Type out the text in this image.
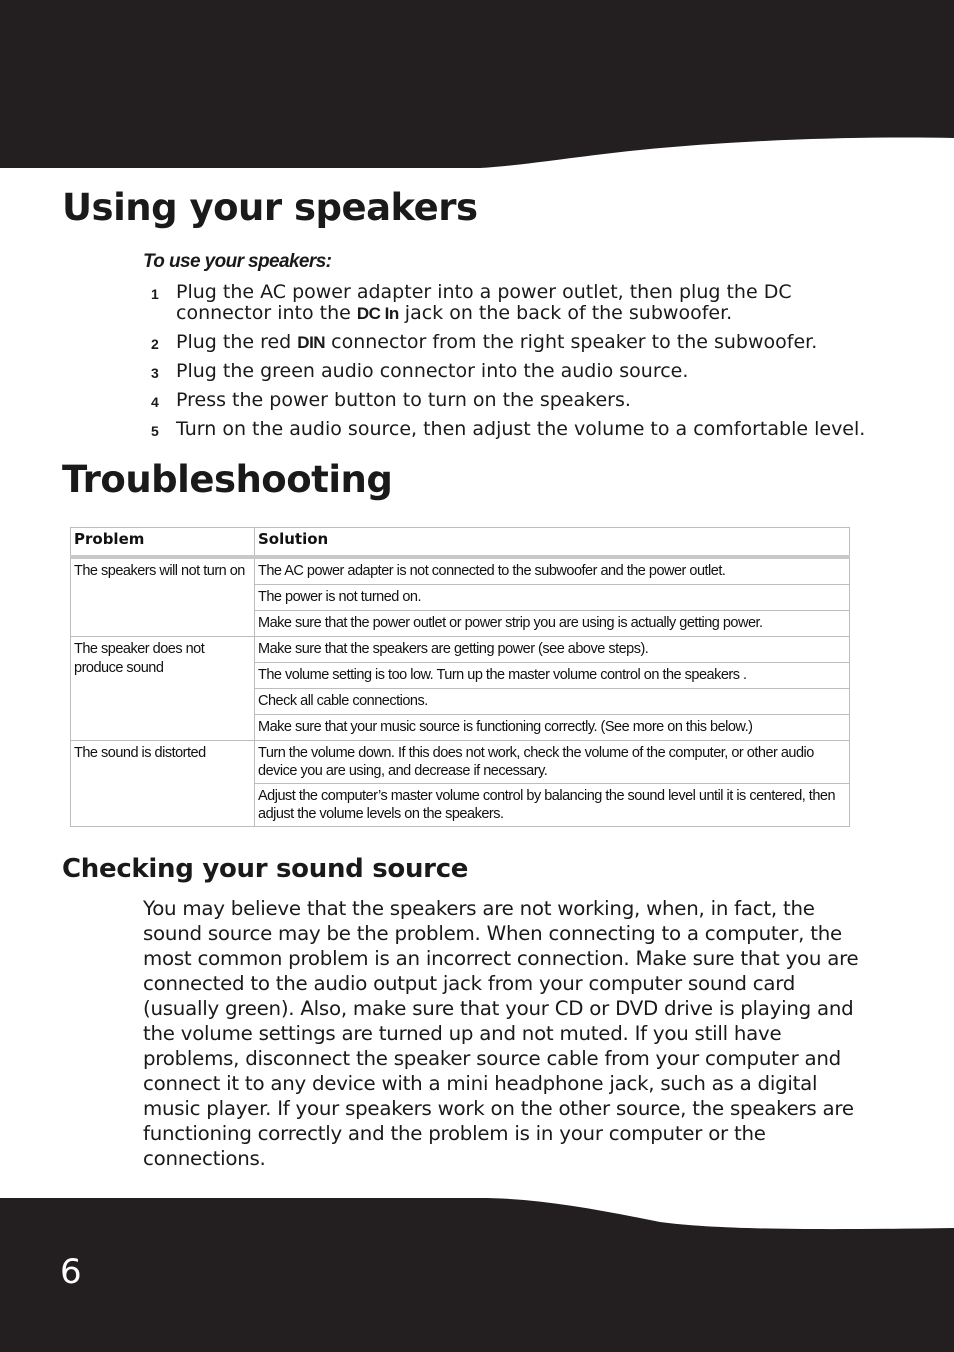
Using your speakers
To use your speakers:
1 Plug the AC power adapter into a power outlet, then plug the DC connector into the DC In jack on the back of the subwoofer.
2 Plug the red DIN connector from the right speaker to the subwoofer.
3 Plug the green audio connector into the audio source.
4 Press the power button to turn on the speakers.
5 Turn on the audio source, then adjust the volume to a comfortable level.
Troubleshooting
Problem	Solution
The speakers will not turn on	The AC power adapter is not connected to the subwoofer and the power outlet.
	The power is not turned on.
	Make sure that the power outlet or power strip you are using is actually getting power.
The speaker does not produce sound	Make sure that the speakers are getting power (see above steps).
	The volume setting is too low. Turn up the master volume control on the speakers .
	Check all cable connections.
	Make sure that your music source is functioning correctly. (See more on this below.)
The sound is distorted	Turn the volume down. If this does not work, check the volume of the computer, or other audio device you are using, and decrease if necessary.
	Adjust the computer’s master volume control by balancing the sound level until it is centered, then adjust the volume levels on the speakers.
Checking your sound source

You may believe that the speakers are not working, when, in fact, the sound source may be the problem. When connecting to a computer, the most common problem is an incorrect connection. Make sure that you are connected to the audio output jack from your computer sound card (usually green). Also, make sure that your CD or DVD drive is playing and the volume settings are turned up and not muted. If you still have problems, disconnect the speaker source cable from your computer and connect it to any device with a mini headphone jack, such as a digital music player. If your speakers work on the other source, the speakers are functioning correctly and the problem is in your computer or the connections.

6
